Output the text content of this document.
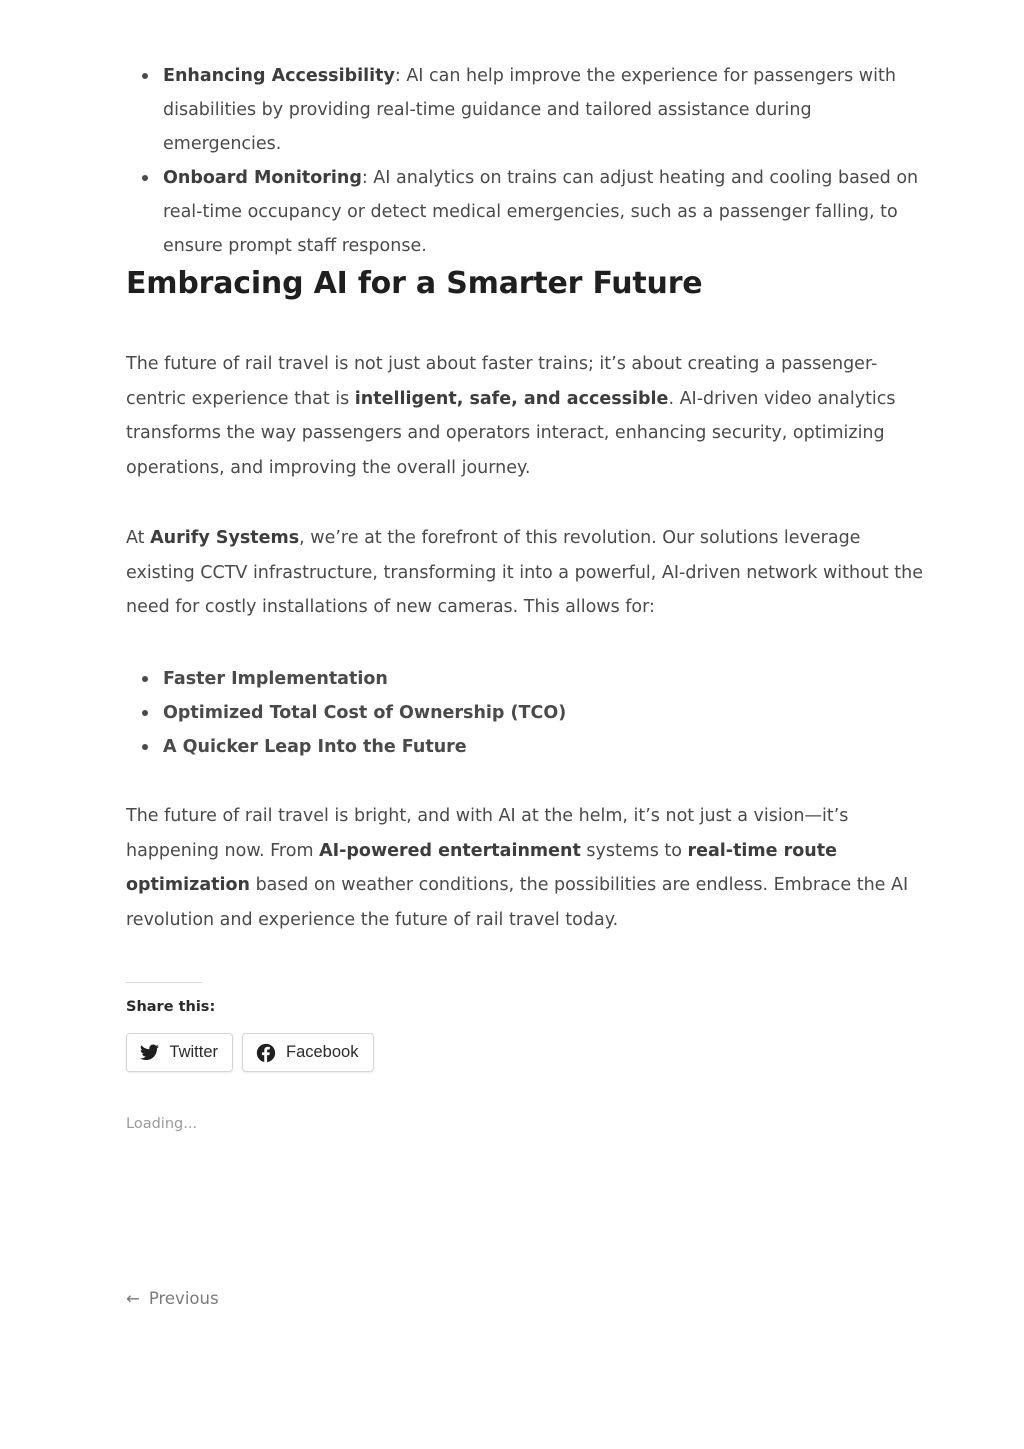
Enhancing Accessibility: AI can help improve the experience for passengers with disabilities by providing real-time guidance and tailored assistance during emergencies.
Onboard Monitoring: AI analytics on trains can adjust heating and cooling based on real-time occupancy or detect medical emergencies, such as a passenger falling, to ensure prompt staff response.
Embracing AI for a Smarter Future

The future of rail travel is not just about faster trains; it’s about creating a passenger-centric experience that is intelligent, safe, and accessible. AI-driven video analytics transforms the way passengers and operators interact, enhancing security, optimizing operations, and improving the overall journey.

At Aurify Systems, we’re at the forefront of this revolution. Our solutions leverage existing CCTV infrastructure, transforming it into a powerful, AI-driven network without the need for costly installations of new cameras. This allows for:

Faster Implementation
Optimized Total Cost of Ownership (TCO)
A Quicker Leap Into the Future

The future of rail travel is bright, and with AI at the helm, it’s not just a vision—it’s happening now. From AI-powered entertainment systems to real-time route optimization based on weather conditions, the possibilities are endless. Embrace the AI revolution and experience the future of rail travel today.

Share this:
Twitter	Facebook
Loading...
← Previous
